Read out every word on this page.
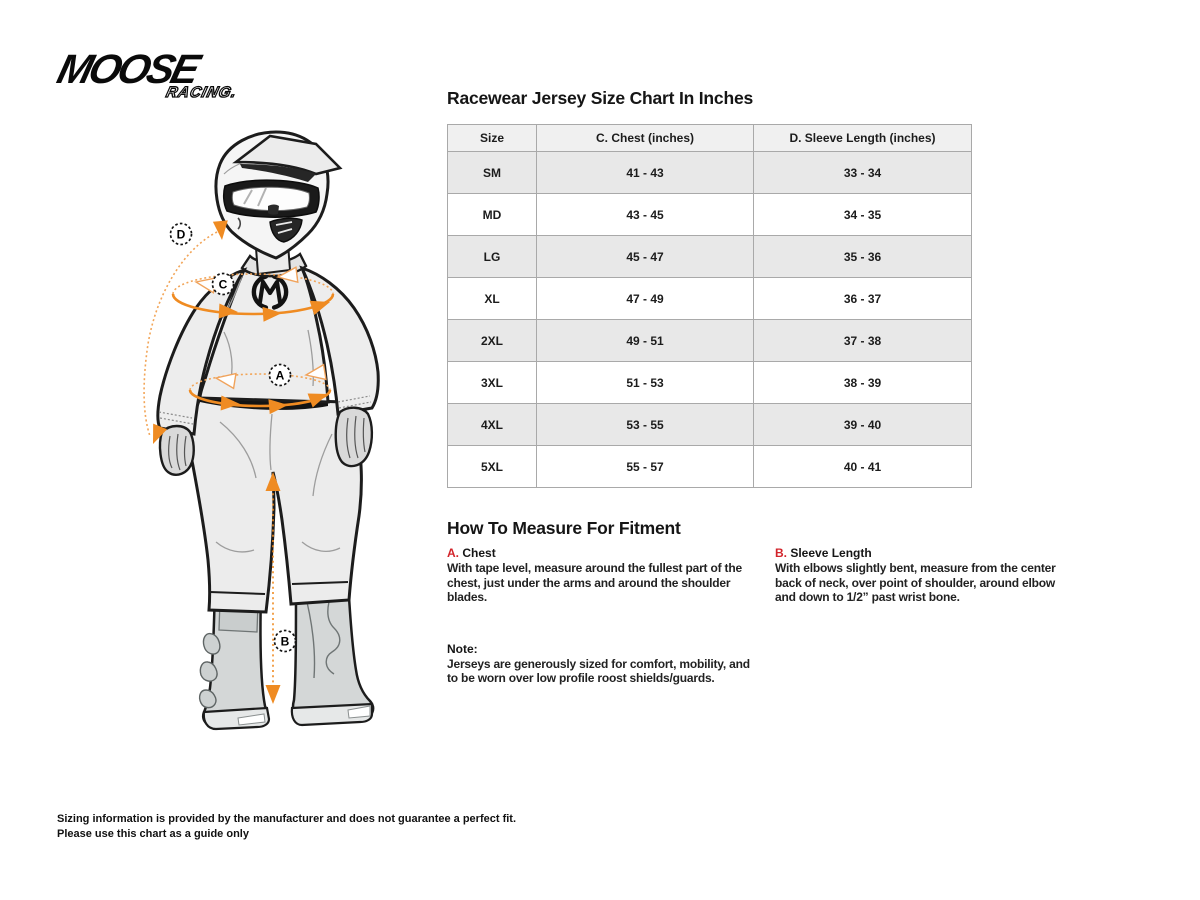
MOOSE
RACING.
D
C
A
B
Racewear Jersey Size Chart In Inches
Size	C. Chest (inches)	D. Sleeve Length (inches)
SM	41 - 43	33 - 34
MD	43 - 45	34 - 35
LG	45 - 47	35 - 36
XL	47 - 49	36 - 37
2XL	49 - 51	37 - 38
3XL	51 - 53	38 - 39
4XL	53 - 55	39 - 40
5XL	55 - 57	40 - 41
How To Measure For Fitment
A. Chest
With tape level, measure around the fullest part of the chest, just under the arms and around the shoulder blades.
B. Sleeve Length
With elbows slightly bent, measure from the center back of neck, over point of shoulder, around elbow and down to 1/2” past wrist bone.
Note:
Jerseys are generously sized for comfort, mobility, and to be worn over low profile roost shields/guards.
Sizing information is provided by the manufacturer and does not guarantee a perfect fit.
Please use this chart as a guide only
